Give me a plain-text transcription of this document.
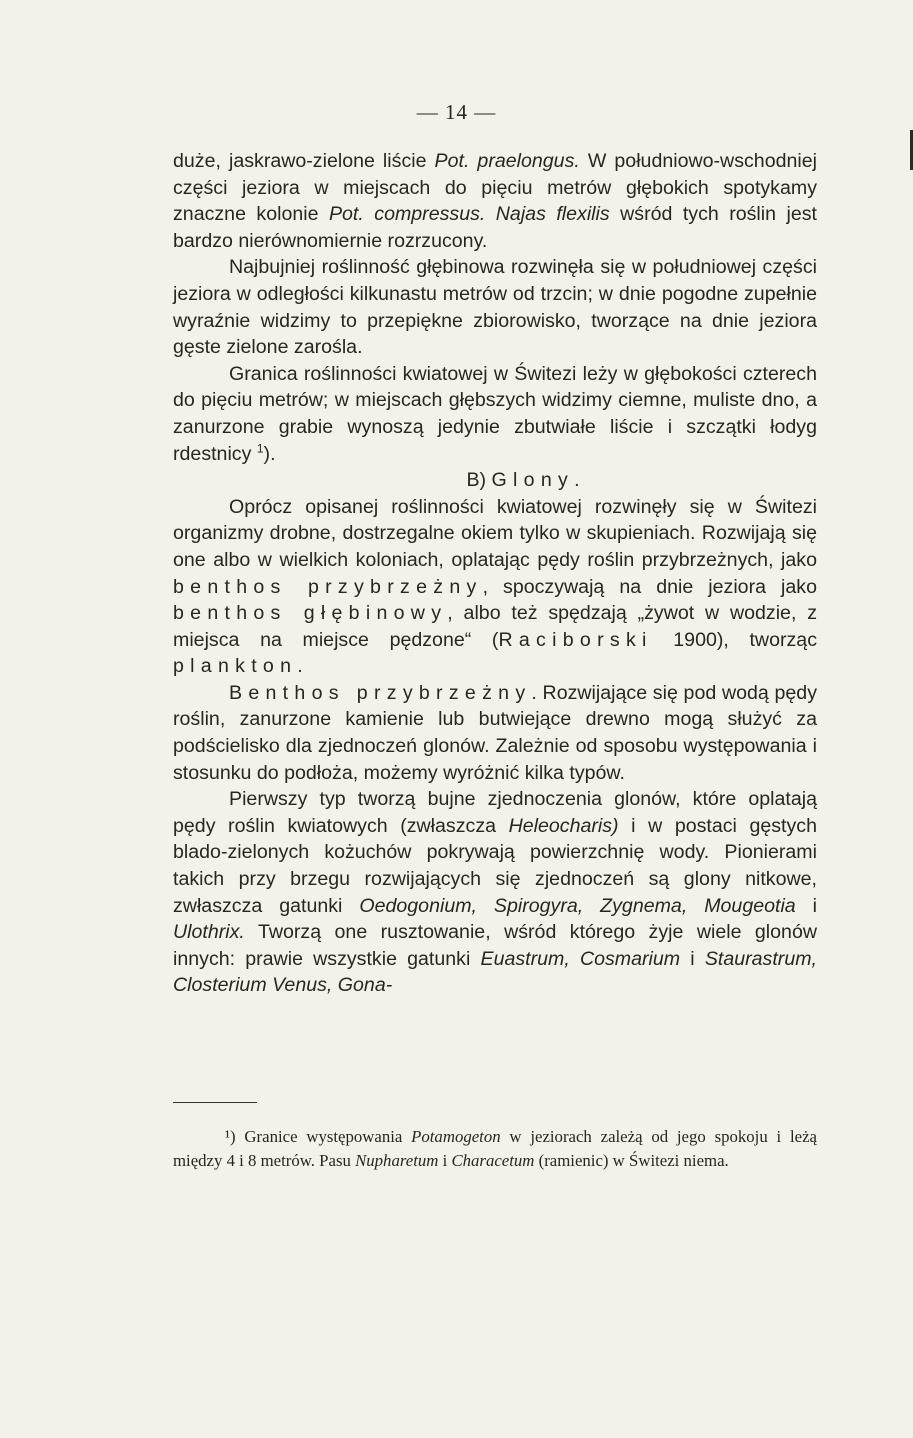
— 14 —

duże, jaskrawo-zielone liście Pot. praelongus. W południowo-wschodniej części jeziora w miejscach do pięciu metrów głębokich spotykamy znaczne kolonie Pot. compressus. Najas flexilis wśród tych roślin jest bardzo nierównomiernie rozrzucony.

Najbujniej roślinność głębinowa rozwinęła się w południowej części jeziora w odległości kilkunastu metrów od trzcin; w dnie pogodne zupełnie wyraźnie widzimy to przepiękne zbiorowisko, tworzące na dnie jeziora gęste zielone zarośla.

Granica roślinności kwiatowej w Świtezi leży w głębokości czterech do pięciu metrów; w miejscach głębszych widzimy ciemne, muliste dno, a zanurzone grabie wynoszą jedynie zbutwiałe liście i szczątki łodyg rdestnicy $^1$).

B) Glony.

Oprócz opisanej roślinności kwiatowej rozwinęły się w Świtezi organizmy drobne, dostrzegalne okiem tylko w skupieniach. Rozwijają się one albo w wielkich koloniach, oplatając pędy roślin przybrzeżnych, jako benthos przybrzeżny, spoczywają na dnie jeziora jako benthos głębinowy, albo też spędzają „żywot w wodzie, z miejsca na miejsce pędzone“ (Raciborski 1900), tworząc plankton.

Benthos przybrzeżny. Rozwijające się pod wodą pędy roślin, zanurzone kamienie lub butwiejące drewno mogą służyć za podścielisko dla zjednoczeń glonów. Zależnie od sposobu występowania i stosunku do podłoża, możemy wyróżnić kilka typów.

Pierwszy typ tworzą bujne zjednoczenia glonów, które oplatają pędy roślin kwiatowych (zwłaszcza Heleocharis) i w postaci gęstych blado-zielonych kożuchów pokrywają powierzchnię wody. Pionierami takich przy brzegu rozwijających się zjednoczeń są glony nitkowe, zwłaszcza gatunki Oedogonium, Spirogyra, Zygnema, Mougeotia i Ulothrix. Tworzą one rusztowanie, wśród którego żyje wiele glonów innych: prawie wszystkie gatunki Euastrum, Cosmarium i Staurastrum, Closterium Venus, Gona-

¹) Granice występowania Potamogeton w jeziorach zależą od jego spokoju i leżą między 4 i 8 metrów. Pasu Nupharetum i Characetum (ramienic) w Świtezi niema.
